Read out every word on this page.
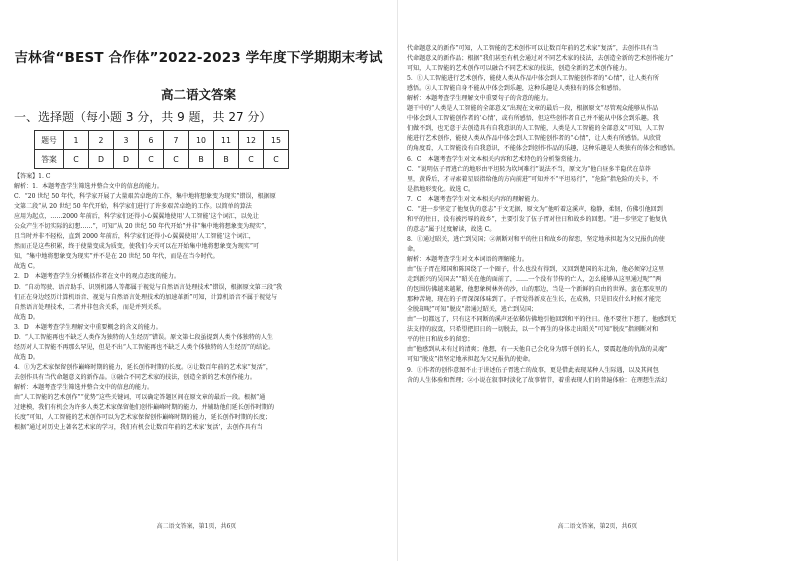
吉林省“BEST 合作体”2022-2023 学年度下学期期末考试
高二语文答案
一、选择题（每小题 3 分，共 9 题，共 27 分）
题号	1	2	3	6	7	10	11	12	15
答案	C	D	D	C	C	B	B	C	C
【答案】1. C
解析：1．本题考查学生筛选并整合文中的信息的能力。
C．“20 世纪 50 年代，科学家开展了大量艰苦卓绝的工作，集中地将想象变为现实”错误，根据原
文第二段“从 20 世纪 50 年代开始，科学家们进行了许多艰苦卓绝的工作。以简单的算法
应用为起点，……2000 年前后，科学家们还得小心翼翼地使用‘人工智能’这个词汇，以免让
公众产生不切实际的幻想……”，可知“从 20 世纪 50 年代开始”并非“集中地将想象变为现实”，
且当时并非不轻松，直到 2000 年前后，科学家们还得小心翼翼使用‘人工智能’这个词汇，
然而正是这些积累，终于使量变成为质变，使我们今天可以在开始集中地将想象变为现实”可
知，“集中地将想象变为现实”并不是在 20 世纪 50 年代，而是在当今时代。
故选 C。
2．D　本题考查学生分析概括作者在文中的观点态度的能力。
D．“自动驾驶、语音助手、识别机器人等都属于视觉与自然语言处理技术”错误，根据原文第三段“我
们正在身边经历计算机语音、视觉与自然语言处理技术的加速革新”可知，计算机语音不属于视觉与
自然语言处理技术，二者并非包含关系，而是并列关系。
故选 D。
3．D　本题考查学生理解文中重要概念的含义的能力。
D．“人工智能再也不缺乏人类作为独特的人生经历”错误。原文第七段虽提到人类个体独特的人生
经历对人工智能不再那么罕见，但是不出“人工智能再也不缺乏人类个体独特的人生经历”的结论。
故选 D。
4．①为艺术家保留创作巅峰时期的能力，延长创作时期的长度。②让数百年前的艺术家“复活”，
去创作具有当代命题意义的新作品。③融合不同艺术家的技法，创造全新的艺术创作能力。
解析：本题考查学生筛选并整合文中的信息的能力。
由“人工智能的艺术创作”“优势”这些关键词，可以确定答题区间在原文章的最后一段。根据“通
过建模，我们有机会为许多人类艺术家保留他们创作巅峰时期的能力，并辅助他们延长创作时期的
长度”可知，人工智能的艺术创作可以为艺术家保留创作巅峰时期的能力，延长创作时期的长度；
根据“通过对历史上著名艺术家的学习，我们有机会让数百年前的艺术家‘复活’，去创作具有当
高二语文答案，第1页，共6页
代命题意义的新作”可知，人工智能的艺术创作可以让数百年前的艺术家“复活”，去创作具有当
代命题意义的新作品；根据“我们甚至有机会通过对不同艺术家的技法，去创造全新的艺术创作能力”
可知，人工智能的艺术创作可以融合不同艺术家的技法，创造全新的艺术创作能力。
5．①人工智能进行艺术创作，能使人类从作品中体会到人工智能创作者的“心情”，让人类有所
感悟。②人工智能自身不能从中体会到乐趣，这种乐趣是人类独有的体会和感悟。
解析：本题考查学生理解文中重要句子的含意的能力。
题干中的“人类是人工智能的全部意义”出现在文章的最后一段，根据原文“尽管观众能够从作品
中体会到人工智能创作者的‘心情’，或有所感悟，但这些创作者自己并不能从中体会到乐趣。我
们做不到，也无意于去创造具有自我意识的人工智能，人类是人工智能的全部意义”可知，人工智
能进行艺术创作，能使人类从作品中体会到人工智能创作者的“心情”，让人类有所感悟。从欣赏
的角度看，人工智能没有自我意识，不能体会到创作作品的乐趣，这种乐趣是人类独有的体会和感悟。
6．C　本题考查学生对文本相关内容和艺术特色的分析鉴赏能力。
C．“说明伍子胥逃亡的地形由平坦转为坎坷难行”说法不当，原文为“他白昼多半隐伏在草莽
里，黄昏后，才寻索着星辰指给他的方向前进”可知并不“平坦易行”，“危险”指危险的关卡，不
是指地形变化。故选 C。
7．C　本题考查学生对文本相关内容的理解能力。
C．“进一步坚定了他复仇的意志”于文无据，原文为“他听着这溪声，稳静，柔韧，仿佛引他回到
和平的往日，没有被污辱的故乡”，主要引发了伍子胥对往日和故乡的回想。“进一步坚定了他复仇
的意志”属于过度解读，故选 C。
8．①通过昭关，逃亡到吴国；②割断对和平的往日和故乡的留恋，坚定地承担起为父兄报仇的使
命。
解析：本题考查学生对文本词语的理解能力。
由“伍子胥在郑国和陈国绕了一个圈子，什么也没有得到，又回到楚国的东北角，他必须穿过这里
走到新兴的吴国去”“昭关在他的面前了，……一个没有节传的亡人，怎么能够从这里通过呢”“两
的包围仿佛越来越紧，他想象树林外的沙，山的那边，当是一个新鲜的自由的世界。蛮在那皮里的
那种苦境，现在的子胥深深体味到了。子胥觉得新皮在生长，在成熟，只是旧皮什么时候才能完
全脱却呢”可知“脱皮”指通过昭关，逃亡到吴国；
由“一切都远了，只有这不同断的溪声还依稀仿佛地引他回到和平的往日。他不要往下想了，他感到无
法支持的寂寞，只希望把旧日的一切脱去，以一个再生的身体走出昭关”可知“脱皮”指割断对和
平的往日和故乡的留恋；
由“他感到从未有过的清爽；他想，有一天他自己会化身为那千创的长人，要震起他的仇敌的灵魂”
可知“脱皮”指坚定地承担起为父兄报仇的使命。
9．①作者的创作意图不止于讲述伍子胥逃亡的故事，更是借此表现某种人生际遇，以及其间包
含的人生体验和哲理；②小说在叙事时淡化了故事情节，着重表现人们的普遍体验：在理想生活幻
高二语文答案，第2页，共6页
